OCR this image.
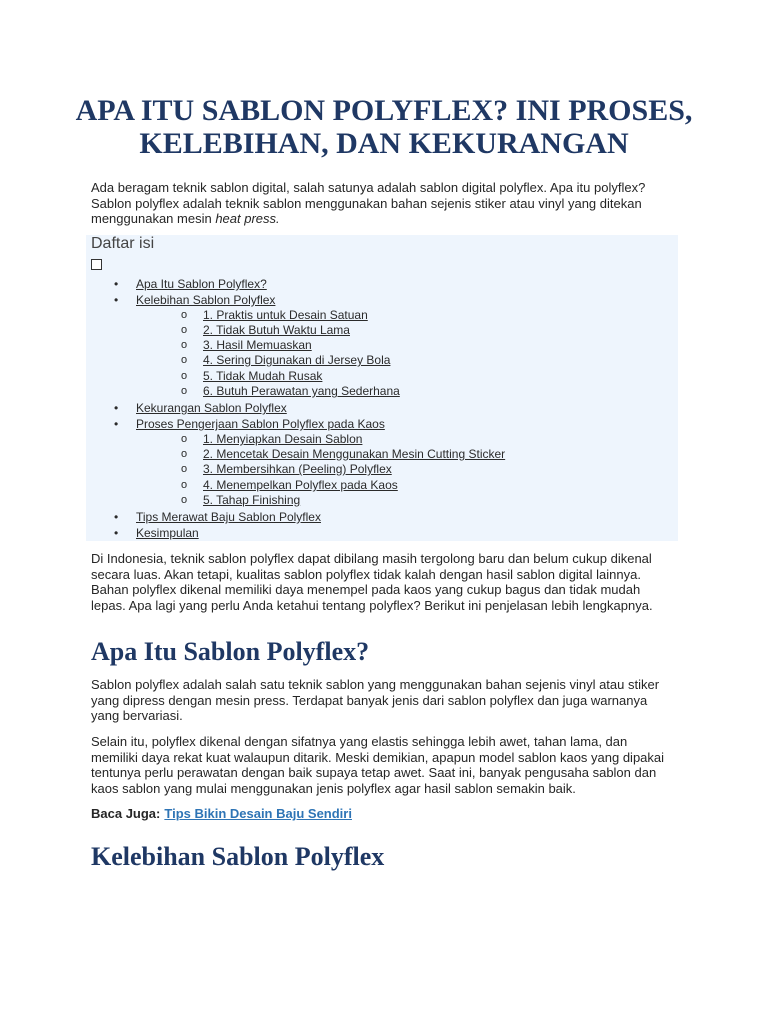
APA ITU SABLON POLYFLEX? INI PROSES, KELEBIHAN, DAN KEKURANGAN
Ada beragam teknik sablon digital, salah satunya adalah sablon digital polyflex. Apa itu polyflex?
Sablon polyflex adalah teknik sablon menggunakan bahan sejenis stiker atau vinyl yang ditekan
menggunakan mesin heat press.
Daftar isi
• Apa Itu Sablon Polyflex?
• Kelebihan Sablon Polyflex
o 1. Praktis untuk Desain Satuan
o 2. Tidak Butuh Waktu Lama
o 3. Hasil Memuaskan
o 4. Sering Digunakan di Jersey Bola
o 5. Tidak Mudah Rusak
o 6. Butuh Perawatan yang Sederhana
• Kekurangan Sablon Polyflex
• Proses Pengerjaan Sablon Polyflex pada Kaos
o 1. Menyiapkan Desain Sablon
o 2. Mencetak Desain Menggunakan Mesin Cutting Sticker
o 3. Membersihkan (Peeling) Polyflex
o 4. Menempelkan Polyflex pada Kaos
o 5. Tahap Finishing
• Tips Merawat Baju Sablon Polyflex
• Kesimpulan
Di Indonesia, teknik sablon polyflex dapat dibilang masih tergolong baru dan belum cukup dikenal
secara luas. Akan tetapi, kualitas sablon polyflex tidak kalah dengan hasil sablon digital lainnya.
Bahan polyflex dikenal memiliki daya menempel pada kaos yang cukup bagus dan tidak mudah
lepas. Apa lagi yang perlu Anda ketahui tentang polyflex? Berikut ini penjelasan lebih lengkapnya.
Apa Itu Sablon Polyflex?
Sablon polyflex adalah salah satu teknik sablon yang menggunakan bahan sejenis vinyl atau stiker
yang dipress dengan mesin press. Terdapat banyak jenis dari sablon polyflex dan juga warnanya
yang bervariasi.
Selain itu, polyflex dikenal dengan sifatnya yang elastis sehingga lebih awet, tahan lama, dan
memiliki daya rekat kuat walaupun ditarik. Meski demikian, apapun model sablon kaos yang dipakai
tentunya perlu perawatan dengan baik supaya tetap awet. Saat ini, banyak pengusaha sablon dan
kaos sablon yang mulai menggunakan jenis polyflex agar hasil sablon semakin baik.
Baca Juga: Tips Bikin Desain Baju Sendiri
Kelebihan Sablon Polyflex
